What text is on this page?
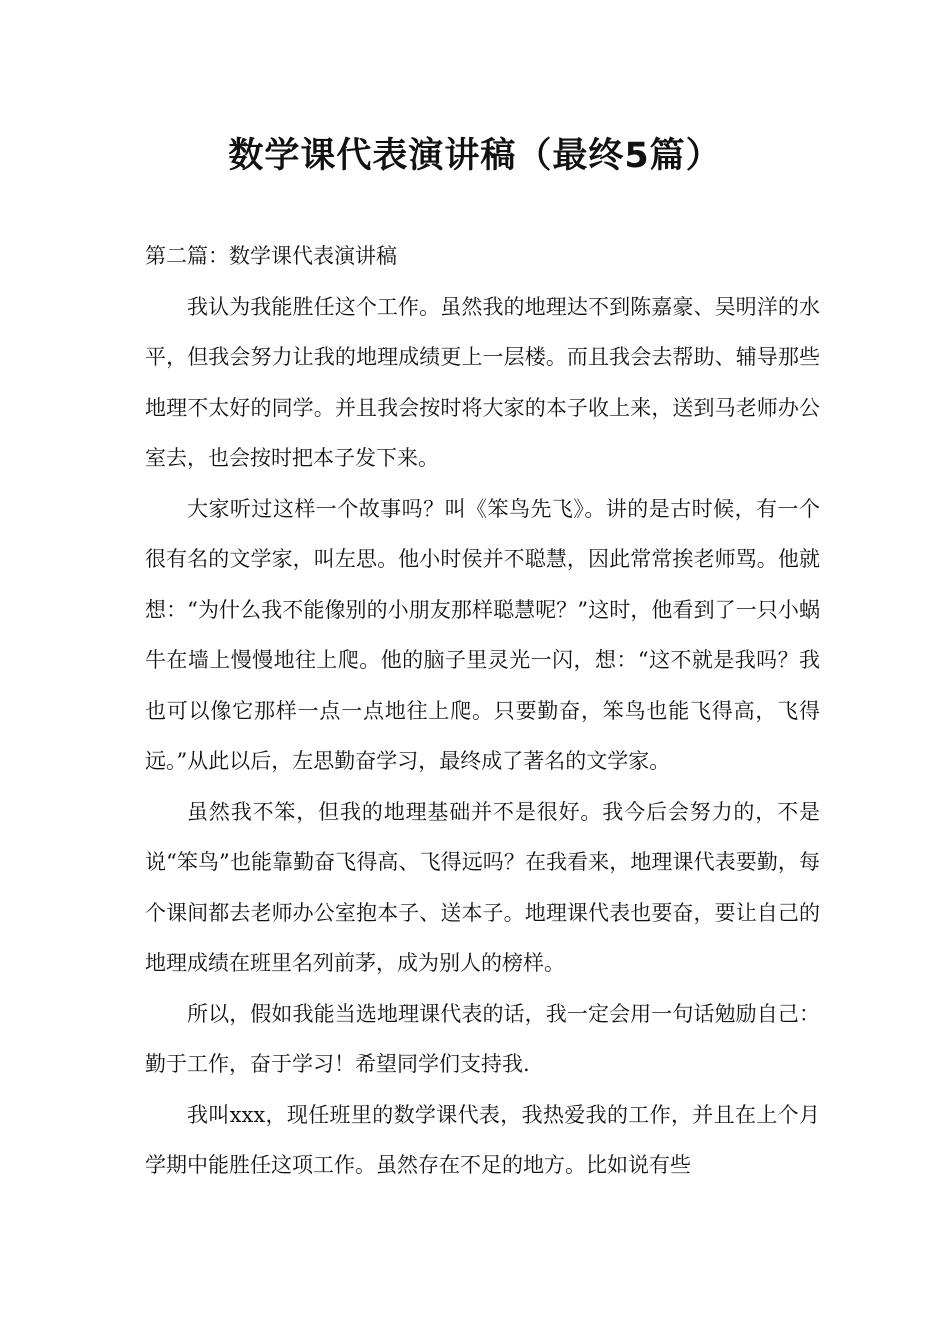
数学课代表演讲稿（最终5篇）

第二篇：数学课代表演讲稿

我认为我能胜任这个工作。虽然我的地理达不到陈嘉豪、吴明洋的水平，但我会努力让我的地理成绩更上一层楼。而且我会去帮助、辅导那些地理不太好的同学。并且我会按时将大家的本子收上来，送到马老师办公室去，也会按时把本子发下来。

大家听过这样一个故事吗？叫《笨鸟先飞》。讲的是古时候，有一个很有名的文学家，叫左思。他小时侯并不聪慧，因此常常挨老师骂。他就想：“为什么我不能像别的小朋友那样聪慧呢？”这时，他看到了一只小蜗牛在墙上慢慢地往上爬。他的脑子里灵光一闪，想：“这不就是我吗？我也可以像它那样一点一点地往上爬。只要勤奋，笨鸟也能飞得高，飞得远。”从此以后，左思勤奋学习，最终成了著名的文学家。

虽然我不笨，但我的地理基础并不是很好。我今后会努力的，不是说“笨鸟”也能靠勤奋飞得高、飞得远吗？在我看来，地理课代表要勤，每个课间都去老师办公室抱本子、送本子。地理课代表也要奋，要让自己的地理成绩在班里名列前茅，成为别人的榜样。

所以，假如我能当选地理课代表的话，我一定会用一句话勉励自己：勤于工作，奋于学习！希望同学们支持我.

我叫xxx，现任班里的数学课代表，我热爱我的工作，并且在上个月学期中能胜任这项工作。虽然存在不足的地方。比如说有些
